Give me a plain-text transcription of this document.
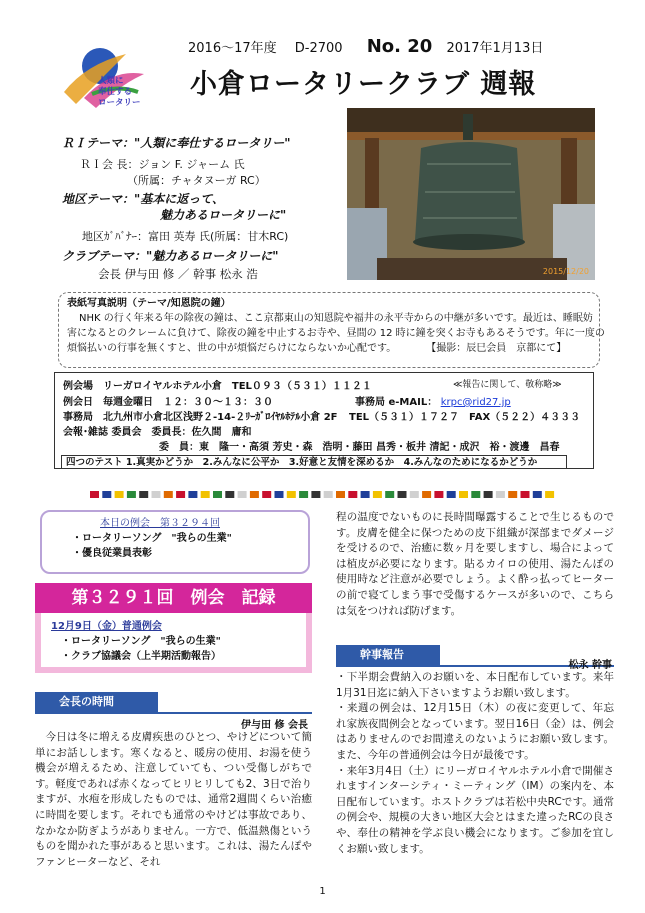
人類に
奉仕する
ロータリー
2016～17年度 D-2700 No. 20 2017年1月13日
小倉ロータリークラブ 週報
ＲＩテーマ："人類に奉仕するロータリー"
ＲＩ会 長：ジョン F. ジャーム 氏
（所属：チャタヌーガ RC）
地区テーマ："基本に返って、
魅力あるロータリーに"
地区ｶﾞﾊﾞﾅｰ：富田 英寿 氏(所属：甘木RC)
クラブテーマ："魅力あるロータリーに"
会長 伊与田 修 ／ 幹事 松永 浩	2015/12/20
表紙写真説明（テーマ/知恩院の鐘）
NHK の行く年来る年の除夜の鐘は、ここ京都東山の知恩院や福井の永平寺からの中継が多いです。最近は、睡眠妨
害になるとのクレームに負けて、除夜の鐘を中止するお寺や、昼間の 12 時に鐘を突くお寺もあるそうです。年に一度の
煩悩払いの行事を無くすと、世の中が煩悩だらけにならないか心配です。　　　　【撮影：辰巳会員　京都にて】
例会場　リーガロイヤルホテル小倉　TEL０９３（５３１）１１２１	≪報告に関して、敬称略≫
例会日　毎週金曜日　１２：３０～１３：３０	事務局 e-MAIL： krpc@rid27.jp
事務局　北九州市小倉北区浅野２-14-２ﾘｰｶﾞﾛｲﾔﾙﾎﾃﾙ小倉 2F TEL（５３１）１７２７　FAX（５２２）４３３３
会報･雑誌 委員会　委員長：佐久間　庸和
委　員：東　隆一・高須 芳史・森　浩明・藤田 昌秀・板井 清記・成沢　裕・渡邊　昌春
四つのテスト 1.真実かどうか　2.みんなに公平か　3.好意と友情を深めるか　4.みんなのためになるかどうか
本日の例会　第３２９４回
・ロータリーソング　"我らの生業"
・優良従業員表彰
第３２９１回　例会　記録
12月9日（金）普通例会
・ロータリーソング　"我らの生業"
・クラブ協議会（上半期活動報告）
会長の時間
伊与田 修 会長
今日は冬に増える皮膚疾患のひとつ、やけどについて簡単にお話しします。寒くなると、暖房の使用、お湯を使う機会が増えるため、注意していても、つい受傷しがちです。軽度であれば赤くなってヒリヒリしても2、3日で治りますが、水疱を形成したものでは、通常2週間くらい治癒に時間を要します。それでも通常のやけどは事故であり、なかなか防ぎようがありません。一方で、低温熱傷というものを聞かれた事があると思います。これは、湯たんぽやファンヒーターなど、それ
程の温度でないものに長時間曝露することで生じるものです。皮膚を健全に保つための皮下組織が深部までダメージを受けるので、治癒に数ヶ月を要しますし、場合によっては植皮が必要になります。貼るカイロの使用、湯たんぽの使用時など注意が必要でしょう。よく酔っ払ってヒーターの前で寝てしまう事で受傷するケースが多いので、こちらは気をつければ防げます。
幹事報告
松永 幹事
・下半期会費納入のお願いを、本日配布しています。来年1月31日迄に納入下さいますようお願い致します。
・来週の例会は、12月15日（木）の夜に変更して、年忘れ家族夜間例会となっています。翌日16日（金）は、例会はありませんのでお間違えのないようにお願い致します。また、今年の普通例会は今日が最後です。
・来年3月4日（土）にリーガロイヤルホテル小倉で開催されますインターシティ・ミーティング（IM）の案内を、本日配布しています。ホストクラブは若松中央RCです。通常の例会や、規模の大きい地区大会とはまた違ったRCの良さや、奉仕の精神を学ぶ良い機会になります。ご参加を宜しくお願い致します。
1
